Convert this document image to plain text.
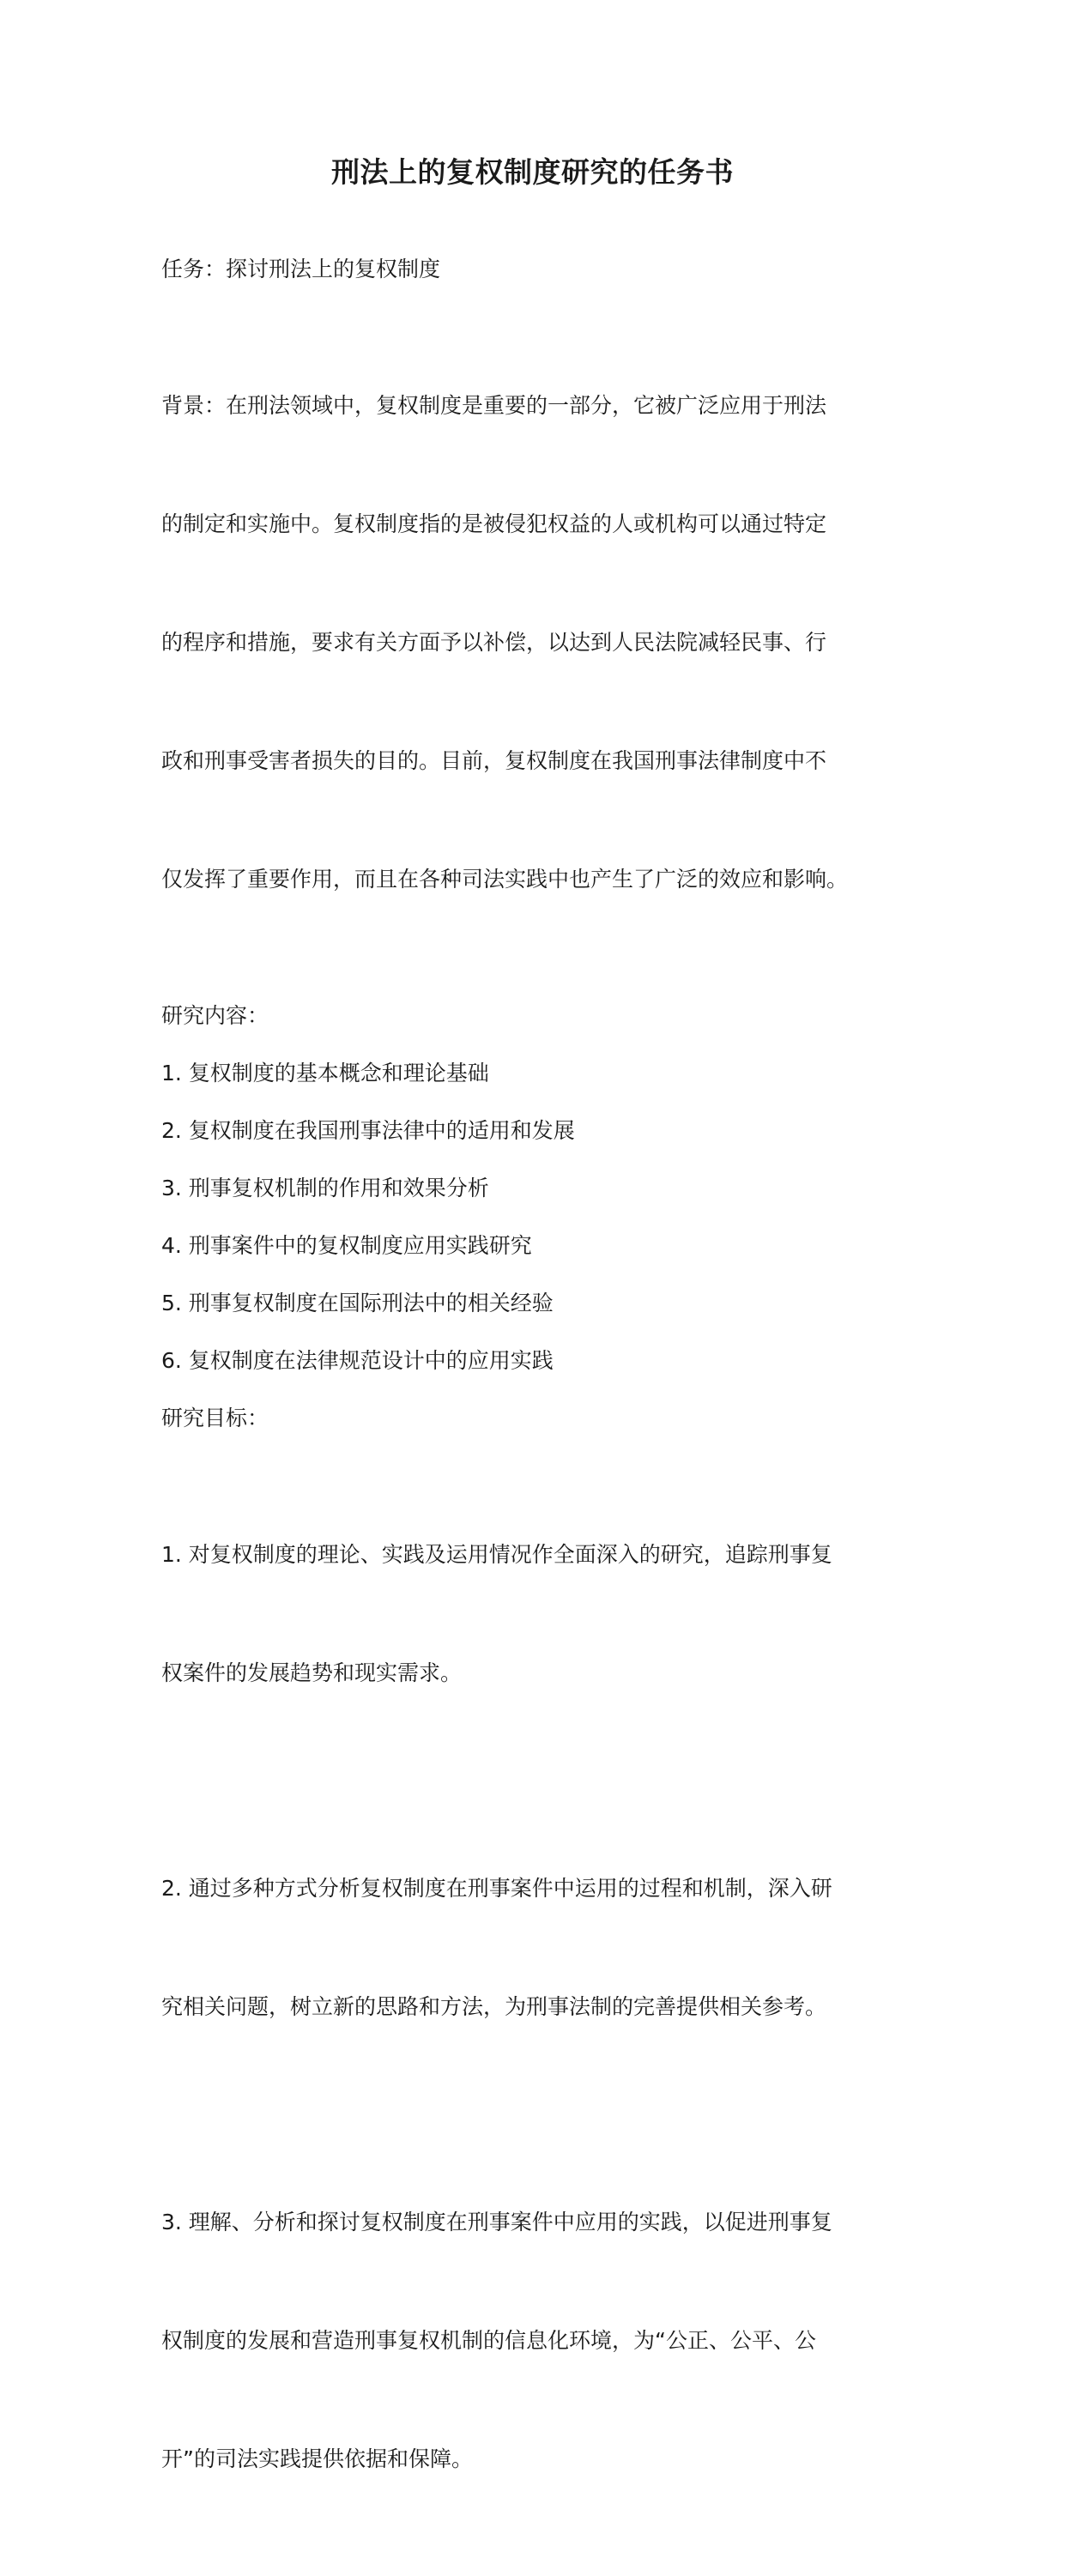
刑法上的复权制度研究的任务书

任务：探讨刑法上的复权制度

背景：在刑法领域中，复权制度是重要的一部分，它被广泛应用于刑法

的制定和实施中。复权制度指的是被侵犯权益的人或机构可以通过特定

的程序和措施，要求有关方面予以补偿，以达到人民法院减轻民事、行

政和刑事受害者损失的目的。目前，复权制度在我国刑事法律制度中不

仅发挥了重要作用，而且在各种司法实践中也产生了广泛的效应和影响。

研究内容：

1. 复权制度的基本概念和理论基础

2. 复权制度在我国刑事法律中的适用和发展

3. 刑事复权机制的作用和效果分析

4. 刑事案件中的复权制度应用实践研究

5. 刑事复权制度在国际刑法中的相关经验

6. 复权制度在法律规范设计中的应用实践

研究目标：

1. 对复权制度的理论、实践及运用情况作全面深入的研究，追踪刑事复

权案件的发展趋势和现实需求。

2. 通过多种方式分析复权制度在刑事案件中运用的过程和机制，深入研

究相关问题，树立新的思路和方法，为刑事法制的完善提供相关参考。

3. 理解、分析和探讨复权制度在刑事案件中应用的实践，以促进刑事复

权制度的发展和营造刑事复权机制的信息化环境，为“公正、公平、公

开”的司法实践提供依据和保障。
